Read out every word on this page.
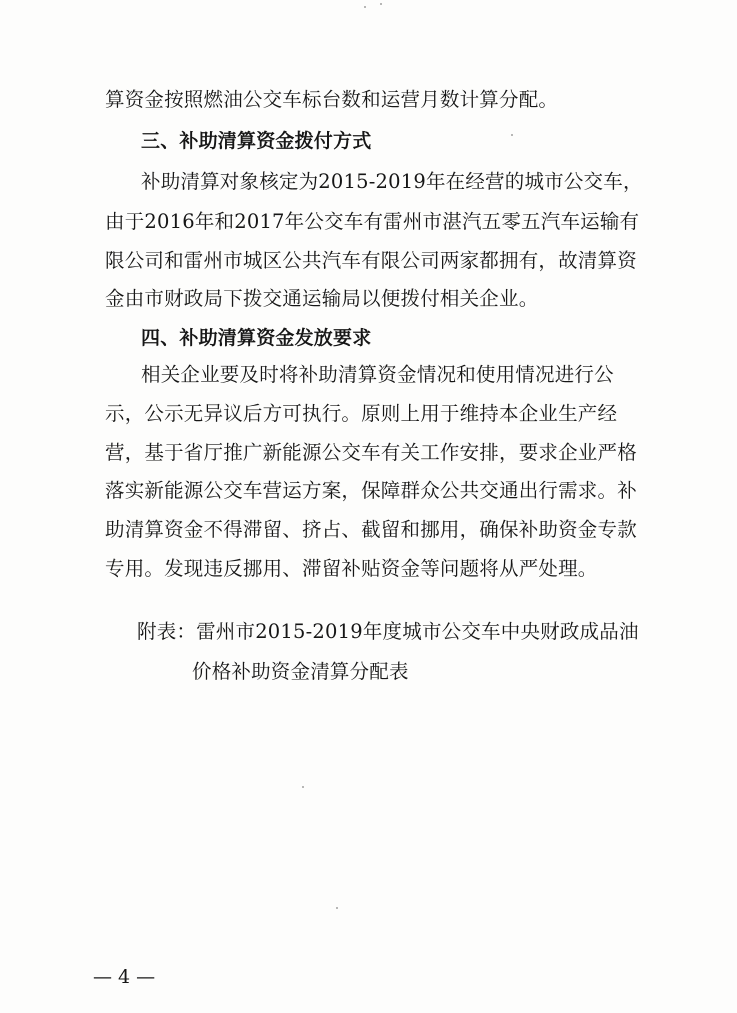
算资金按照燃油公交车标台数和运营月数计算分配。
三、补助清算资金拨付方式
补助清算对象核定为2015-2019年在经营的城市公交车，
由于2016年和2017年公交车有雷州市湛汽五零五汽车运输有
限公司和雷州市城区公共汽车有限公司两家都拥有，故清算资
金由市财政局下拨交通运输局以便拨付相关企业。
四、补助清算资金发放要求
相关企业要及时将补助清算资金情况和使用情况进行公
示，公示无异议后方可执行。原则上用于维持本企业生产经
营，基于省厅推广新能源公交车有关工作安排，要求企业严格
落实新能源公交车营运方案，保障群众公共交通出行需求。补
助清算资金不得滞留、挤占、截留和挪用，确保补助资金专款
专用。发现违反挪用、滞留补贴资金等问题将从严处理。
附表：雷州市2015-2019年度城市公交车中央财政成品油
价格补助资金清算分配表
— 4 —
